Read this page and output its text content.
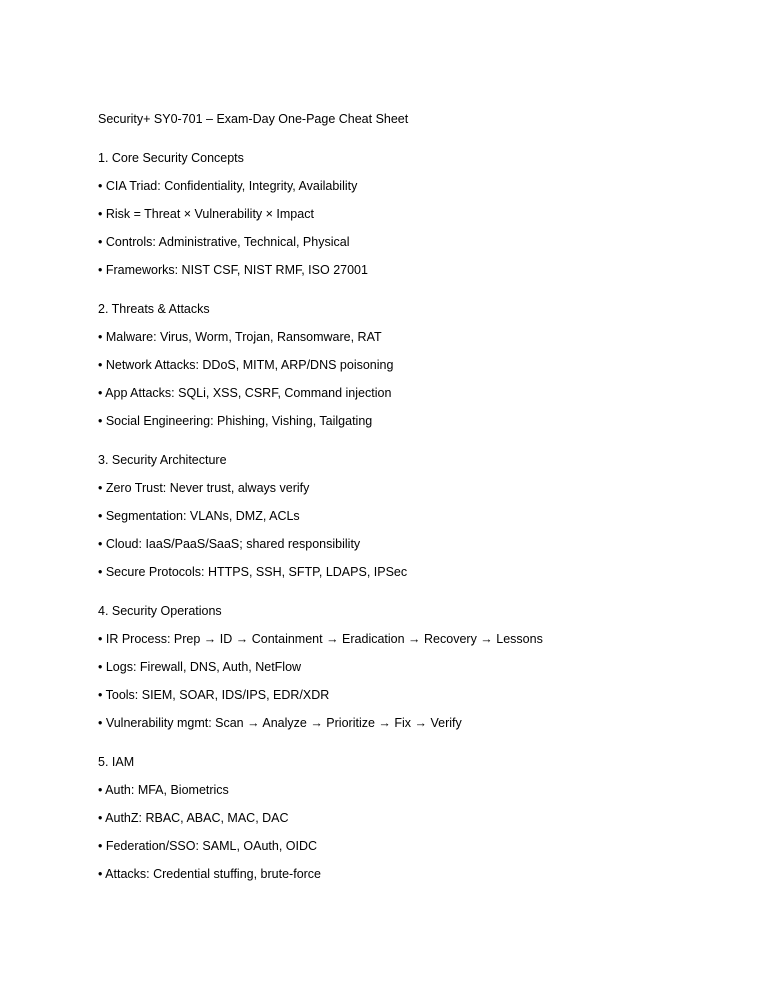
Security+ SY0-701 – Exam-Day One-Page Cheat Sheet
1. Core Security Concepts
• CIA Triad: Confidentiality, Integrity, Availability
• Risk = Threat × Vulnerability × Impact
• Controls: Administrative, Technical, Physical
• Frameworks: NIST CSF, NIST RMF, ISO 27001
2. Threats & Attacks
• Malware: Virus, Worm, Trojan, Ransomware, RAT
• Network Attacks: DDoS, MITM, ARP/DNS poisoning
• App Attacks: SQLi, XSS, CSRF, Command injection
• Social Engineering: Phishing, Vishing, Tailgating
3. Security Architecture
• Zero Trust: Never trust, always verify
• Segmentation: VLANs, DMZ, ACLs
• Cloud: IaaS/PaaS/SaaS; shared responsibility
• Secure Protocols: HTTPS, SSH, SFTP, LDAPS, IPSec
4. Security Operations
• IR Process: Prep → ID → Containment → Eradication → Recovery → Lessons
• Logs: Firewall, DNS, Auth, NetFlow
• Tools: SIEM, SOAR, IDS/IPS, EDR/XDR
• Vulnerability mgmt: Scan → Analyze → Prioritize → Fix → Verify
5. IAM
• Auth: MFA, Biometrics
• AuthZ: RBAC, ABAC, MAC, DAC
• Federation/SSO: SAML, OAuth, OIDC
• Attacks: Credential stuffing, brute-force
